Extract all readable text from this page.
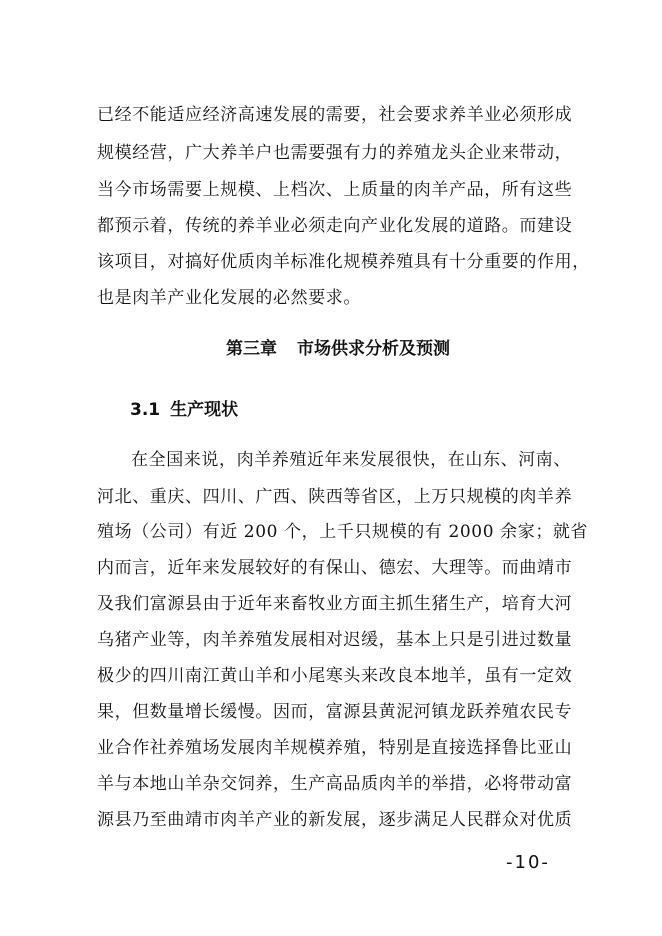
已经不能适应经济高速发展的需要，社会要求养羊业必须形成
规模经营，广大养羊户也需要强有力的养殖龙头企业来带动，
当今市场需要上规模、上档次、上质量的肉羊产品，所有这些
都预示着，传统的养羊业必须走向产业化发展的道路。而建设
该项目，对搞好优质肉羊标准化规模养殖具有十分重要的作用，
也是肉羊产业化发展的必然要求。
第三章 市场供求分析及预测
3.1 生产现状
在全国来说，肉羊养殖近年来发展很快，在山东、河南、
河北、重庆、四川、广西、陕西等省区，上万只规模的肉羊养
殖场（公司）有近 200 个，上千只规模的有 2000 余家；就省
内而言，近年来发展较好的有保山、德宏、大理等。而曲靖市
及我们富源县由于近年来畜牧业方面主抓生猪生产，培育大河
乌猪产业等，肉羊养殖发展相对迟缓，基本上只是引进过数量
极少的四川南江黄山羊和小尾寒头来改良本地羊，虽有一定效
果，但数量增长缓慢。因而，富源县黄泥河镇龙跃养殖农民专
业合作社养殖场发展肉羊规模养殖，特别是直接选择鲁比亚山
羊与本地山羊杂交饲养，生产高品质肉羊的举措，必将带动富
源县乃至曲靖市肉羊产业的新发展，逐步满足人民群众对优质
-10-
